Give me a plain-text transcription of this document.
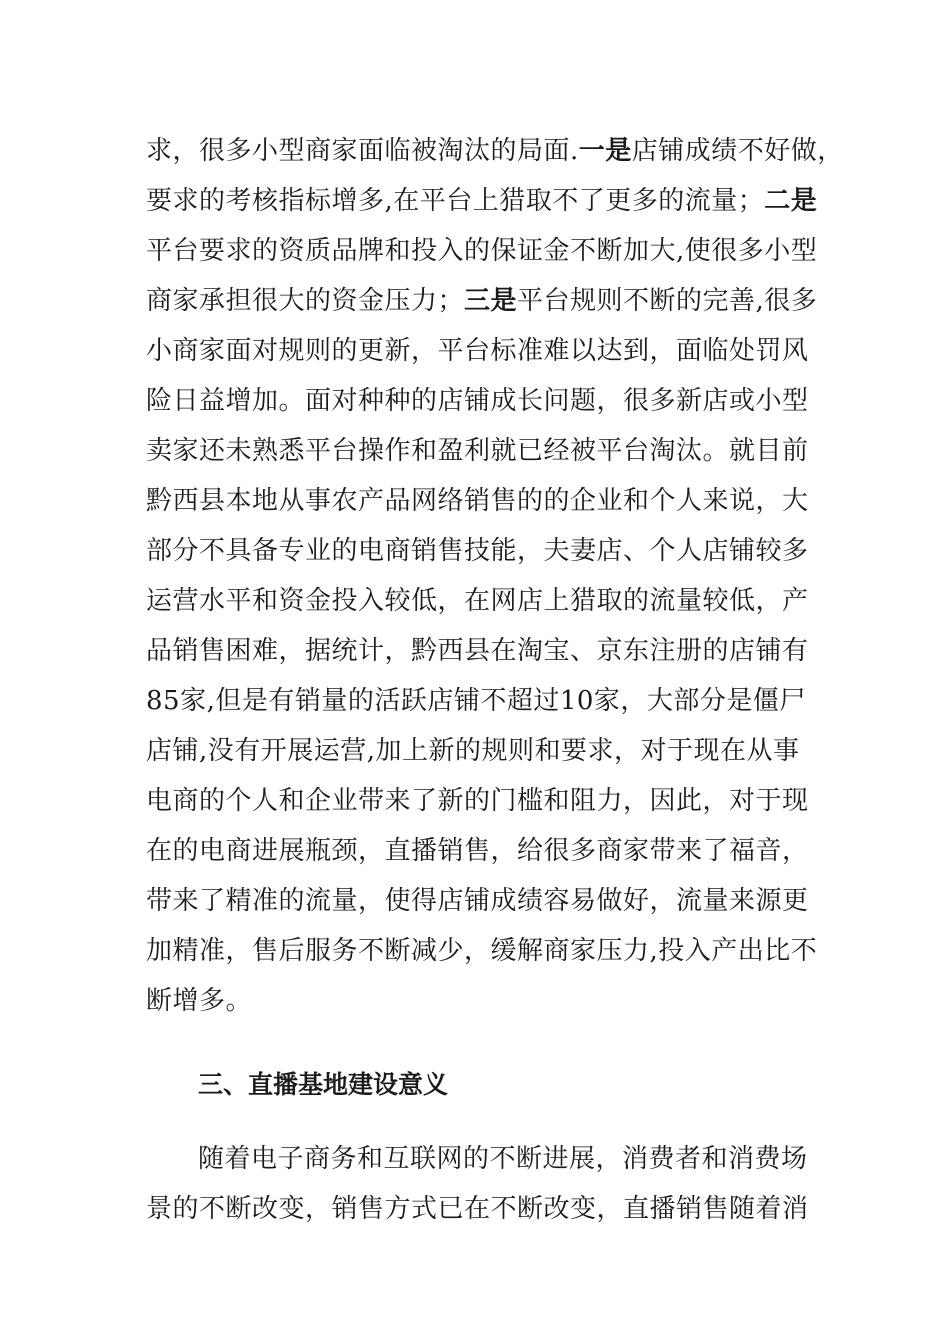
求，很多小型商家面临被淘汰的局面.一是店铺成绩不好做，
要求的考核指标增多,在平台上猎取不了更多的流量；二是
平台要求的资质品牌和投入的保证金不断加大,使很多小型
商家承担很大的资金压力；三是平台规则不断的完善,很多
小商家面对规则的更新，平台标准难以达到，面临处罚风
险日益增加。面对种种的店铺成长问题，很多新店或小型
卖家还未熟悉平台操作和盈利就已经被平台淘汰。就目前
黔西县本地从事农产品网络销售的的企业和个人来说，大
部分不具备专业的电商销售技能，夫妻店、个人店铺较多
运营水平和资金投入较低，在网店上猎取的流量较低，产
品销售困难，据统计，黔西县在淘宝、京东注册的店铺有
85家,但是有销量的活跃店铺不超过10家，大部分是僵尸
店铺,没有开展运营,加上新的规则和要求，对于现在从事
电商的个人和企业带来了新的门槛和阻力，因此，对于现
在的电商进展瓶颈，直播销售，给很多商家带来了福音，
带来了精准的流量，使得店铺成绩容易做好，流量来源更
加精准，售后服务不断减少，缓解商家压力,投入产出比不
断增多。
三、直播基地建设意义
随着电子商务和互联网的不断进展，消费者和消费场
景的不断改变，销售方式已在不断改变，直播销售随着消
